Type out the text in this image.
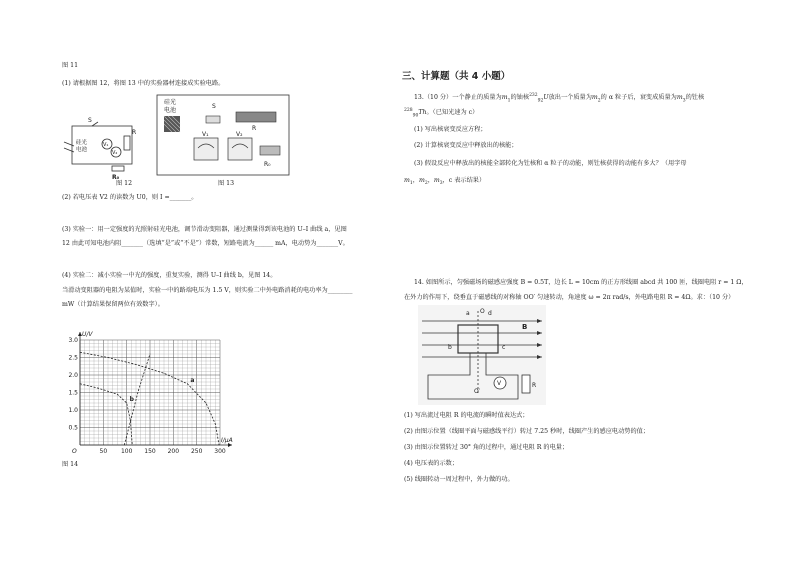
图 11
(1) 请根据图 12，将图 13 中的实验器材连接成实验电路。
S
硅光
电池
V₁
V₂
R
R₀
图 12
硅光
电池
S
R
V₁	V₂
R₀
图 13
(2) 若电压表 V2 的读数为 U0，则 I =_______。
(3) 实验一：用一定强度的光照射硅光电池，调节滑动变阻器，通过测量得到该电池的 U–I 曲线 a，见图
12 由此可知电池内阻_______（选填“是”或“不是”）常数，短路电流为______ mA，电动势为_______V。
(4) 实验二：减小实验一中光的强度，重复实验，测得 U–I 曲线 b，见图 14。
当滑动变阻器的电阻为某值时，实验一中的路端电压为 1.5 V，则实验二中外电路消耗的电功率为________
mW（计算结果保留两位有效数字）。
50 100 150 200 250 300
0.5
1.0
1.5
2.0
2.5
3.0
O
U/V
I/μA
a
b
图 14
三、计算题（共 4 小题）
13.（10 分）一个静止的质量为$m_1$的铀核$^{232}_{92}$U放出一个质量为$m_2$的 α 粒子后，衰变成质量为$m_3$的钍核
$^{228}_{90}$Th。（已知光速为 c）
(1) 写出核衰变反应方程；
(2) 计算核衰变反应中释放出的核能；
(3) 假设反应中释放出的核能全部转化为钍核和 α 粒子的动能，则钍核获得的动能有多大？（用字母
$m_1$，$m_2$，$m_3$，c 表示结果）
14. 如图所示，匀强磁场的磁感应强度 B = 0.5T，边长 L = 10cm 的正方形线圈 abcd 共 100 匝，线圈电阻 r = 1 Ω，
在外力的作用下，绕垂直于磁感线的对称轴 OO′ 匀速转动，角速度 ω = 2π rad/s，外电路电阻 R = 4Ω。求：（10 分）
O
a	d
b	c
B
O′
V	R
(1) 写出流过电阻 R 的电流的瞬时值表达式；
(2) 由图示位置（线圈平面与磁感线平行）转过 7.25 秒时，线圈产生的感应电动势的值；
(3) 由图示位置转过 30° 角的过程中，通过电阻 R 的电量；
(4) 电压表的示数；
(5) 线圈转动一周过程中，外力做的功。
